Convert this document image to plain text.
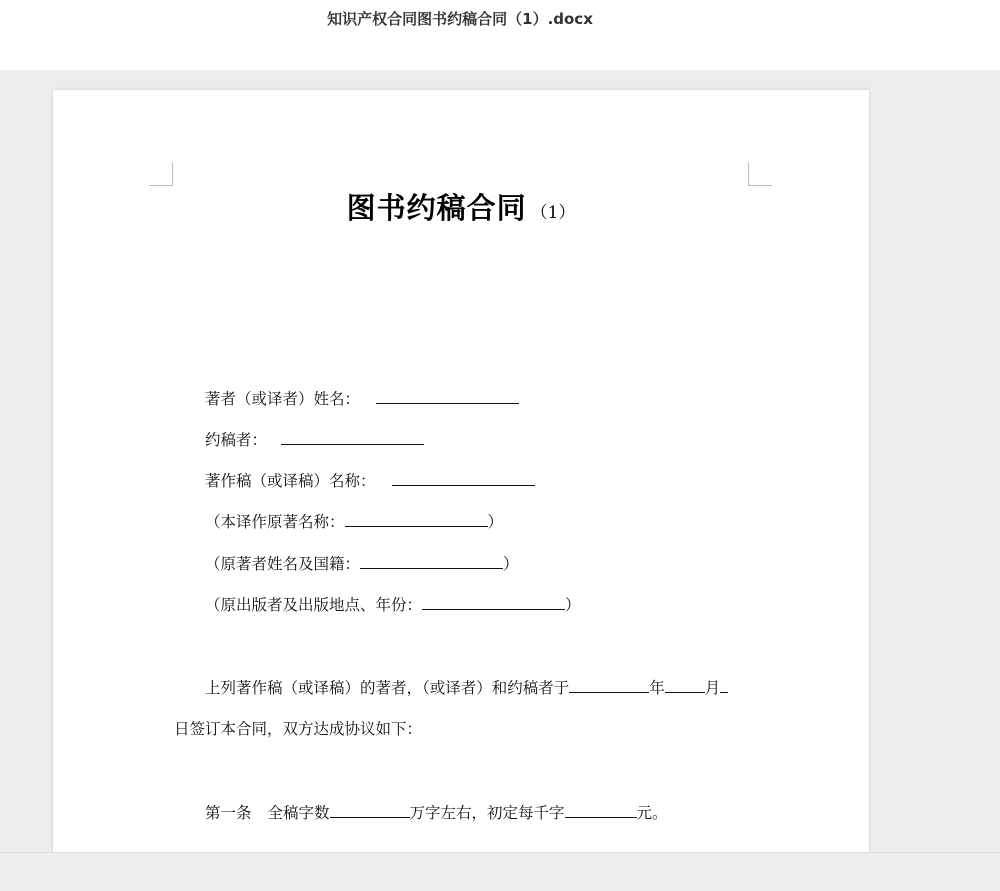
知识产权合同图书约稿合同（1）.docx
图书约稿合同 （1）
著者（或译者）姓名：
约稿者：
著作稿（或译稿）名称：
（本译作原著名称：	）
（原著者姓名及国籍：	）
（原出版者及出版地点、年份：	）
上列著作稿（或译稿）的著者，（或译者）和约稿者于	年	月
日签订本合同，双方达成协议如下：
第一条 全稿字数	万字左右，初定每千字	元。
